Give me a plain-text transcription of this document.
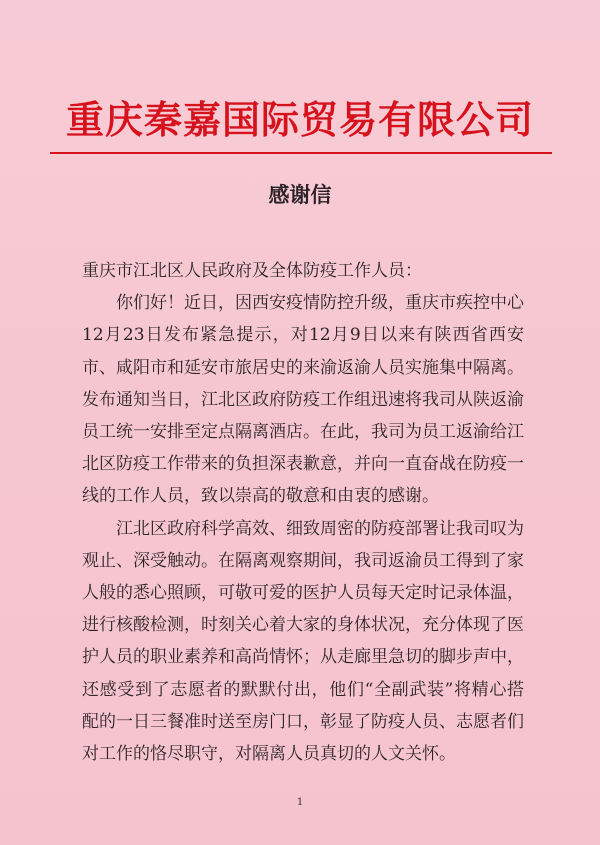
重庆秦嘉国际贸易有限公司
感谢信

重庆市江北区人民政府及全体防疫工作人员：

你们好！近日，因西安疫情防控升级，重庆市疾控中心12月23日发布紧急提示，对12月9日以来有陕西省西安市、咸阳市和延安市旅居史的来渝返渝人员实施集中隔离。发布通知当日，江北区政府防疫工作组迅速将我司从陕返渝员工统一安排至定点隔离酒店。在此，我司为员工返渝给江北区防疫工作带来的负担深表歉意，并向一直奋战在防疫一线的工作人员，致以崇高的敬意和由衷的感谢。

江北区政府科学高效、细致周密的防疫部署让我司叹为观止、深受触动。在隔离观察期间，我司返渝员工得到了家人般的悉心照顾，可敬可爱的医护人员每天定时记录体温，进行核酸检测，时刻关心着大家的身体状况，充分体现了医护人员的职业素养和高尚情怀；从走廊里急切的脚步声中，还感受到了志愿者的默默付出，他们“全副武装”将精心搭配的一日三餐准时送至房门口，彰显了防疫人员、志愿者们对工作的恪尽职守，对隔离人员真切的人文关怀。

1
